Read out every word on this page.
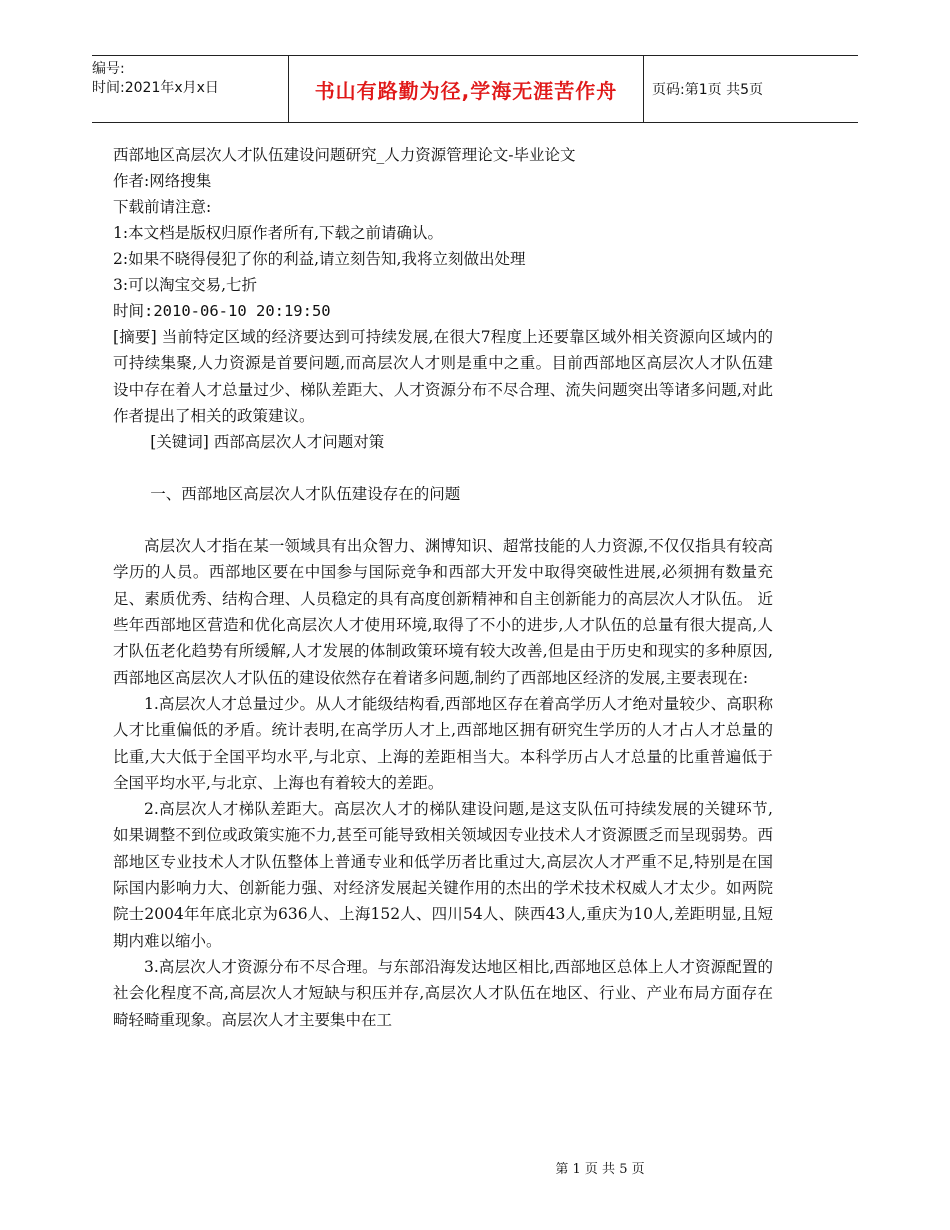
编号:
时间:2021年x月x日	书山有路勤为径,学海无涯苦作舟	页码:第1页 共5页
西部地区高层次人才队伍建设问题研究_人力资源管理论文-毕业论文
作者:网络搜集
下载前请注意:
1:本文档是版权归原作者所有,下载之前请确认。
2:如果不晓得侵犯了你的利益,请立刻告知,我将立刻做出处理
3:可以淘宝交易,七折
时间:2010-06-10 20:19:50
[摘要] 当前特定区域的经济要达到可持续发展,在很大7程度上还要靠区域外相关资源向区域内的可持续集聚,人力资源是首要问题,而高层次人才则是重中之重。目前西部地区高层次人才队伍建设中存在着人才总量过少、梯队差距大、人才资源分布不尽合理、流失问题突出等诸多问题,对此作者提出了相关的政策建议。
[关键词] 西部高层次人才问题对策
一、西部地区高层次人才队伍建设存在的问题
高层次人才指在某一领域具有出众智力、渊博知识、超常技能的人力资源,不仅仅指具有较高学历的人员。西部地区要在中国参与国际竞争和西部大开发中取得突破性进展,必须拥有数量充足、素质优秀、结构合理、人员稳定的具有高度创新精神和自主创新能力的高层次人才队伍。 近些年西部地区营造和优化高层次人才使用环境,取得了不小的进步,人才队伍的总量有很大提高,人才队伍老化趋势有所缓解,人才发展的体制政策环境有较大改善,但是由于历史和现实的多种原因,西部地区高层次人才队伍的建设依然存在着诸多问题,制约了西部地区经济的发展,主要表现在:
1.高层次人才总量过少。从人才能级结构看,西部地区存在着高学历人才绝对量较少、高职称人才比重偏低的矛盾。统计表明,在高学历人才上,西部地区拥有研究生学历的人才占人才总量的比重,大大低于全国平均水平,与北京、上海的差距相当大。本科学历占人才总量的比重普遍低于全国平均水平,与北京、上海也有着较大的差距。
2.高层次人才梯队差距大。高层次人才的梯队建设问题,是这支队伍可持续发展的关键环节,如果调整不到位或政策实施不力,甚至可能导致相关领域因专业技术人才资源匮乏而呈现弱势。西部地区专业技术人才队伍整体上普通专业和低学历者比重过大,高层次人才严重不足,特别是在国际国内影响力大、创新能力强、对经济发展起关键作用的杰出的学术技术权威人才太少。如两院院士2004年年底北京为636人、上海152人、四川54人、陕西43人,重庆为10人,差距明显,且短期内难以缩小。
3.高层次人才资源分布不尽合理。与东部沿海发达地区相比,西部地区总体上人才资源配置的社会化程度不高,高层次人才短缺与积压并存,高层次人才队伍在地区、行业、产业布局方面存在畸轻畸重现象。高层次人才主要集中在工
第 1 页 共 5 页
